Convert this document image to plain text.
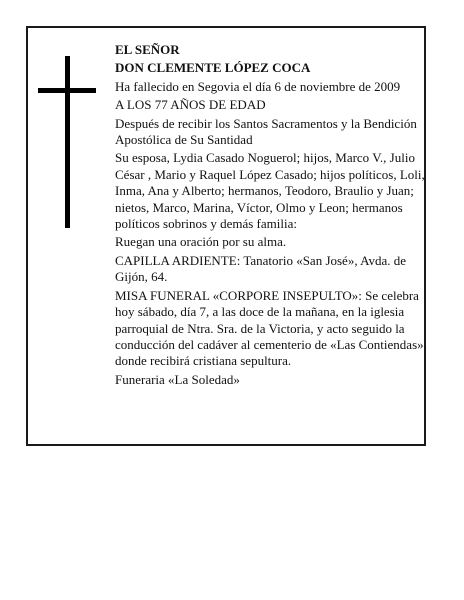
EL SEÑOR

DON CLEMENTE LÓPEZ COCA

Ha fallecido en Segovia el día 6 de noviembre de 2009

A LOS 77 AÑOS DE EDAD

Después de recibir los Santos Sacramentos y la Bendición Apostólica de Su Santidad

Su esposa, Lydia Casado Noguerol; hijos, Marco V., Julio César , Mario y Raquel López Casado; hijos políticos, Loli, Inma, Ana y Alberto; hermanos, Teodoro, Braulio y Juan; nietos, Marco, Marina, Víctor, Olmo y Leon; hermanos políticos sobrinos y demás familia:

Ruegan una oración por su alma.

CAPILLA ARDIENTE: Tanatorio «San José», Avda. de Gijón, 64.

MISA FUNERAL «CORPORE INSEPULTO»: Se celebra hoy sábado, día 7, a las doce de la mañana, en la iglesia parroquial de Ntra. Sra. de la Victoria, y acto seguido la conducción del cadáver al cementerio de «Las Contiendas», donde recibirá cristiana sepultura.

Funeraria «La Soledad»
